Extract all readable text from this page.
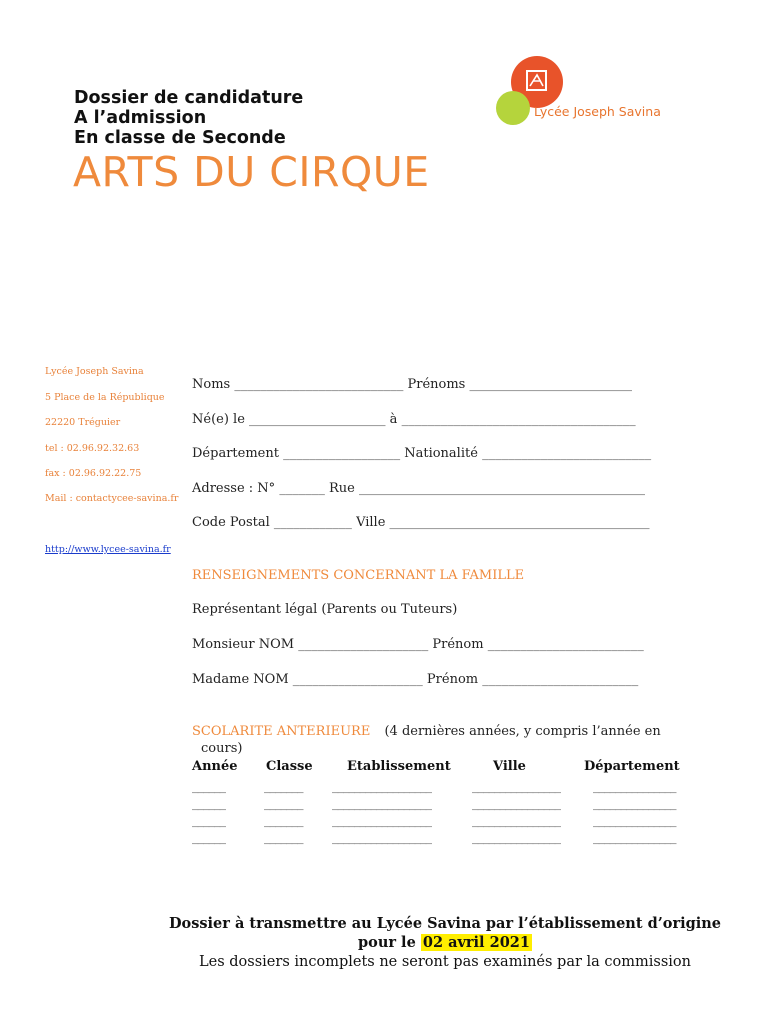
Dossier de candidature
A l’admission
En classe de Seconde
ARTS DU CIRQUE
Lycée Joseph Savina
Lycée Joseph Savina
5 Place de la République
22220 Tréguier
tel : 02.96.92.32.63
fax : 02.96.92.22.75
Mail : contactycee-savina.fr
http://www.lycee-savina.fr
Noms __________________________ Prénoms _________________________
Né(e) le _____________________ à ____________________________________
Département __________________ Nationalité __________________________
Adresse : N° _______ Rue ____________________________________________
Code Postal ____________ Ville ________________________________________
RENSEIGNEMENTS CONCERNANT LA FAMILLE
Représentant légal (Parents ou Tuteurs)
Monsieur NOM ____________________ Prénom ________________________
Madame NOM ____________________ Prénom ________________________
SCOLARITE ANTERIEURE (4 dernières années, y compris l’année en
cours)
Année Classe	Etablissement	Ville	Département
______	_______ __________________	________________	_______________
______	_______ __________________	________________	_______________
______	_______ __________________	________________	_______________
______	_______ __________________	________________	_______________
Dossier à transmettre au Lycée Savina par l’établissement d’origine
pour le 02 avril 2021
Les dossiers incomplets ne seront pas examinés par la commission
